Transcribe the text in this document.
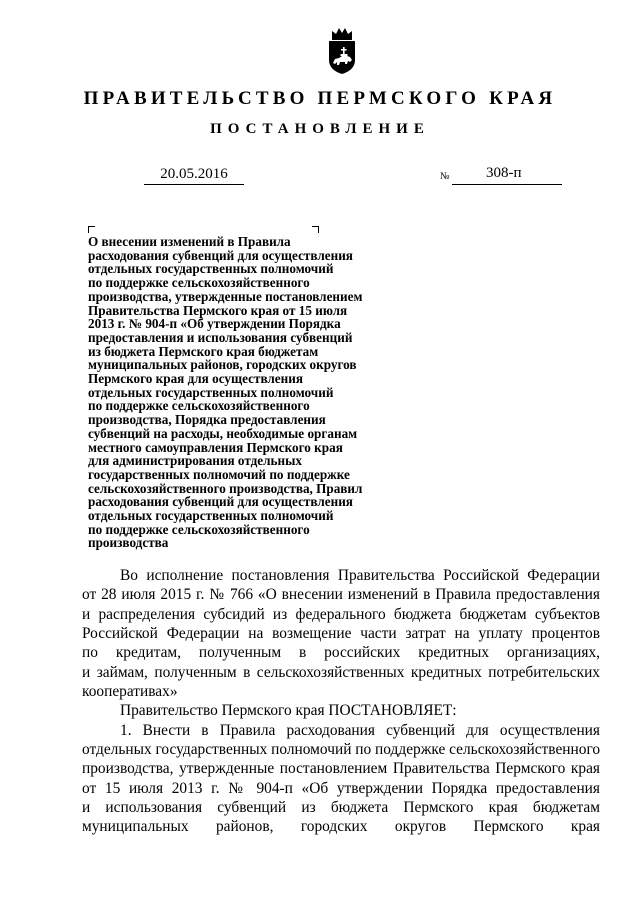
ПРАВИТЕЛЬСТВО ПЕРМСКОГО КРАЯ
ПОСТАНОВЛЕНИЕ
20.05.2016	№ 308-п

О внесении изменений в Правила
расходования субвенций для осуществления
отдельных государственных полномочий
по поддержке сельскохозяйственного
производства, утвержденные постановлением
Правительства Пермского края от 15 июля
2013 г. № 904-п «Об утверждении Порядка
предоставления и использования субвенций
из бюджета Пермского края бюджетам
муниципальных районов, городских округов
Пермского края для осуществления
отдельных государственных полномочий
по поддержке сельскохозяйственного
производства, Порядка предоставления
субвенций на расходы, необходимые органам
местного самоуправления Пермского края
для администрирования отдельных
государственных полномочий по поддержке
сельскохозяйственного производства, Правил
расходования субвенций для осуществления
отдельных государственных полномочий
по поддержке сельскохозяйственного
производства

Во исполнение постановления Правительства Российской Федерации
от 28 июля 2015 г. № 766 «О внесении изменений в Правила предоставления
и распределения субсидий из федерального бюджета бюджетам субъектов
Российской Федерации на возмещение части затрат на уплату процентов
по кредитам, полученным в российских кредитных организациях,
и займам, полученным в сельскохозяйственных кредитных потребительских
кооперативах»
Правительство Пермского края ПОСТАНОВЛЯЕТ:
1. Внести в Правила расходования субвенций для осуществления
отдельных государственных полномочий по поддержке сельскохозяйственного
производства, утвержденные постановлением Правительства Пермского края
от 15 июля 2013 г. № 904-п «Об утверждении Порядка предоставления
и использования субвенций из бюджета Пермского края бюджетам
муниципальных районов, городских округов Пермского края
